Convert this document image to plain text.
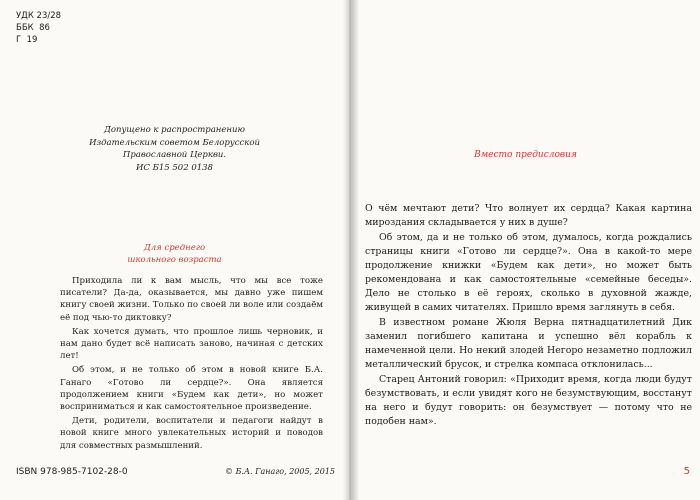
УДК 23/28
ББК  86
Г  19
Допущено к распространению
Издательским советом Белорусской
Православной Церкви.
ИС Б15 502 0138
Для среднего
школьного возраста

Приходила ли к вам мысль, что мы все тоже писатели? Да-да, оказывается, мы давно уже пишем книгу своей жизни. Только по своей ли воле или создаём её под чью-то диктовку?

Как хочется думать, что прошлое лишь черновик, и нам дано будет всё написать заново, начиная с детских лет!

Об этом, и не только об этом в новой книге Б.А. Ганаго «Готово ли сердце?». Она является продолжением книги «Будем как дети», но может восприниматься и как самостоятельное произведение.

Дети, родители, воспитатели и педагоги найдут в новой книге много увлекательных историй и поводов для совместных размышлений.

ISBN 978-985-7102-28-0	© Б.А. Ганаго, 2005, 2015
Вместо предисловия

О чём мечтают дети? Что волнует их сердца? Какая картина мироздания складывается у них в душе?

Об этом, да и не только об этом, думалось, когда рождались страницы книги «Готово ли сердце?». Она в какой-то мере продолжение книжки «Будем как дети», но может быть рекомендована и как самостоятельные «семейные беседы». Дело не столько в её героях, сколько в духовной жажде, живущей в самих читателях. Пришло время заглянуть в себя.

В известном романе Жюля Верна пятнадцатилетний Дик заменил погибшего капитана и успешно вёл корабль к намеченной цели. Но некий злодей Негоро незаметно подложил металлический брусок, и стрелка компаса отклонилась...

Старец Антоний говорил: «Приходит время, когда люди будут безумствовать, и если увидят кого не безумствующим, восстанут на него и будут говорить: он безумствует — потому что не подобен нам».

5
